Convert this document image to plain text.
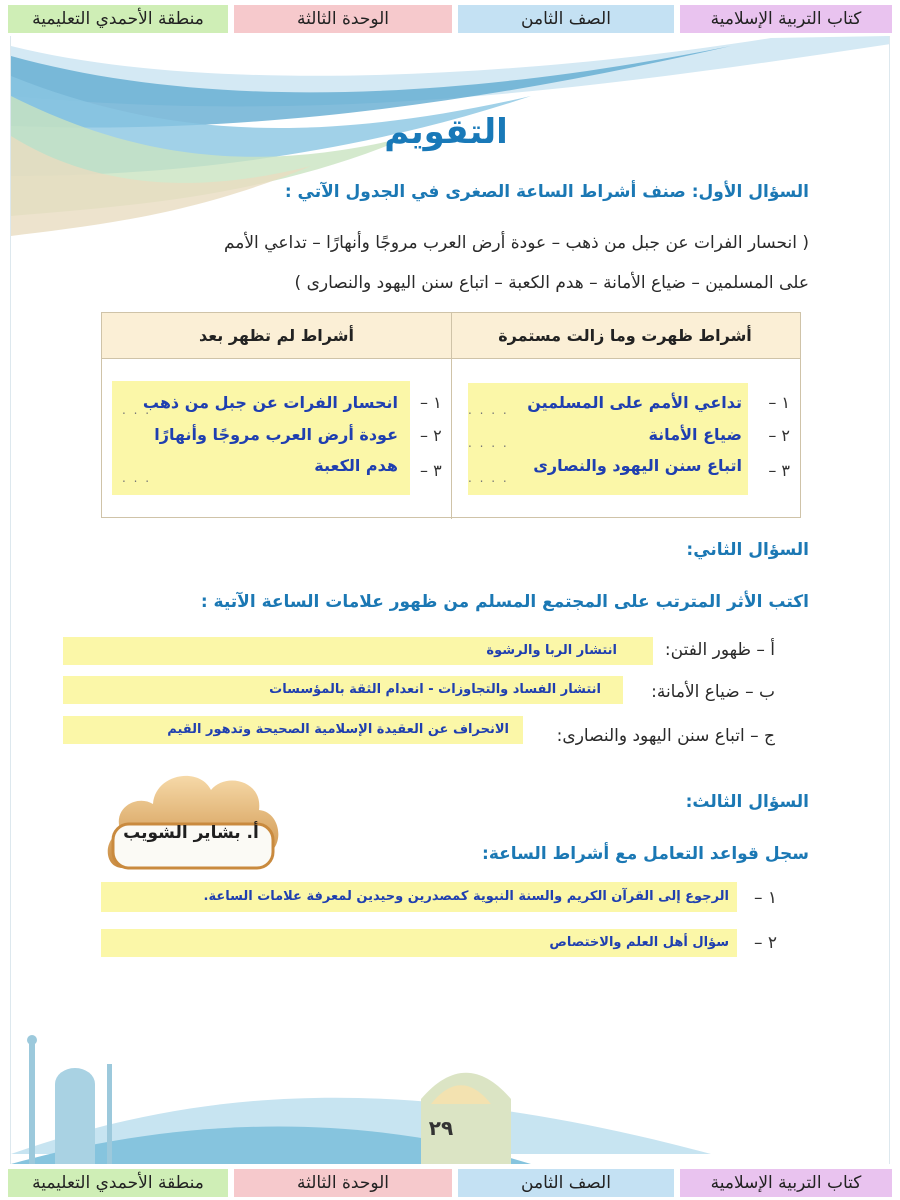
كتاب التربية الإسلامية
الصف الثامن
الوحدة الثالثة
منطقة الأحمدي التعليمية
التقويم
السؤال الأول: صنف أشراط الساعة الصغرى في الجدول الآتي :
( انحسار الفرات عن جبل من ذهب – عودة أرض العرب مروجًا وأنهارًا – تداعي الأمم
على المسلمين – ضياع الأمانة – هدم الكعبة – اتباع سنن اليهود والنصارى )
أشراط ظهرت وما زالت مستمرة
أشراط لم تظهر بعد
١ –
٢ –
٣ –
تداعي الأمم على المسلمين
ضياع الأمانة
اتباع سنن اليهود والنصارى
. . . .
. . . .
. . . .
١ –
٢ –
٣ –
انحسار الفرات عن جبل من ذهب
عودة أرض العرب مروجًا وأنهارًا
هدم الكعبة
. . .
. . .
السؤال الثاني:
اكتب الأثر المترتب على المجتمع المسلم من ظهور علامات الساعة الآتية :
أ – ظهور الفتن:
انتشار الربا والرشوة
ب – ضياع الأمانة:
انتشار الفساد والتجاوزات - انعدام الثقة بالمؤسسات
ج – اتباع سنن اليهود والنصارى:
الانحراف عن العقيدة الإسلامية الصحيحة وتدهور القيم
السؤال الثالث:
سجل قواعد التعامل مع أشراط الساعة:
أ. بشاير الشويب
١ –
الرجوع إلى القرآن الكريم والسنة النبوية كمصدرين وحيدين لمعرفة علامات الساعة.
٢ –
سؤال أهل العلم والاختصاص
٢٩
كتاب التربية الإسلامية
الصف الثامن
الوحدة الثالثة
منطقة الأحمدي التعليمية
